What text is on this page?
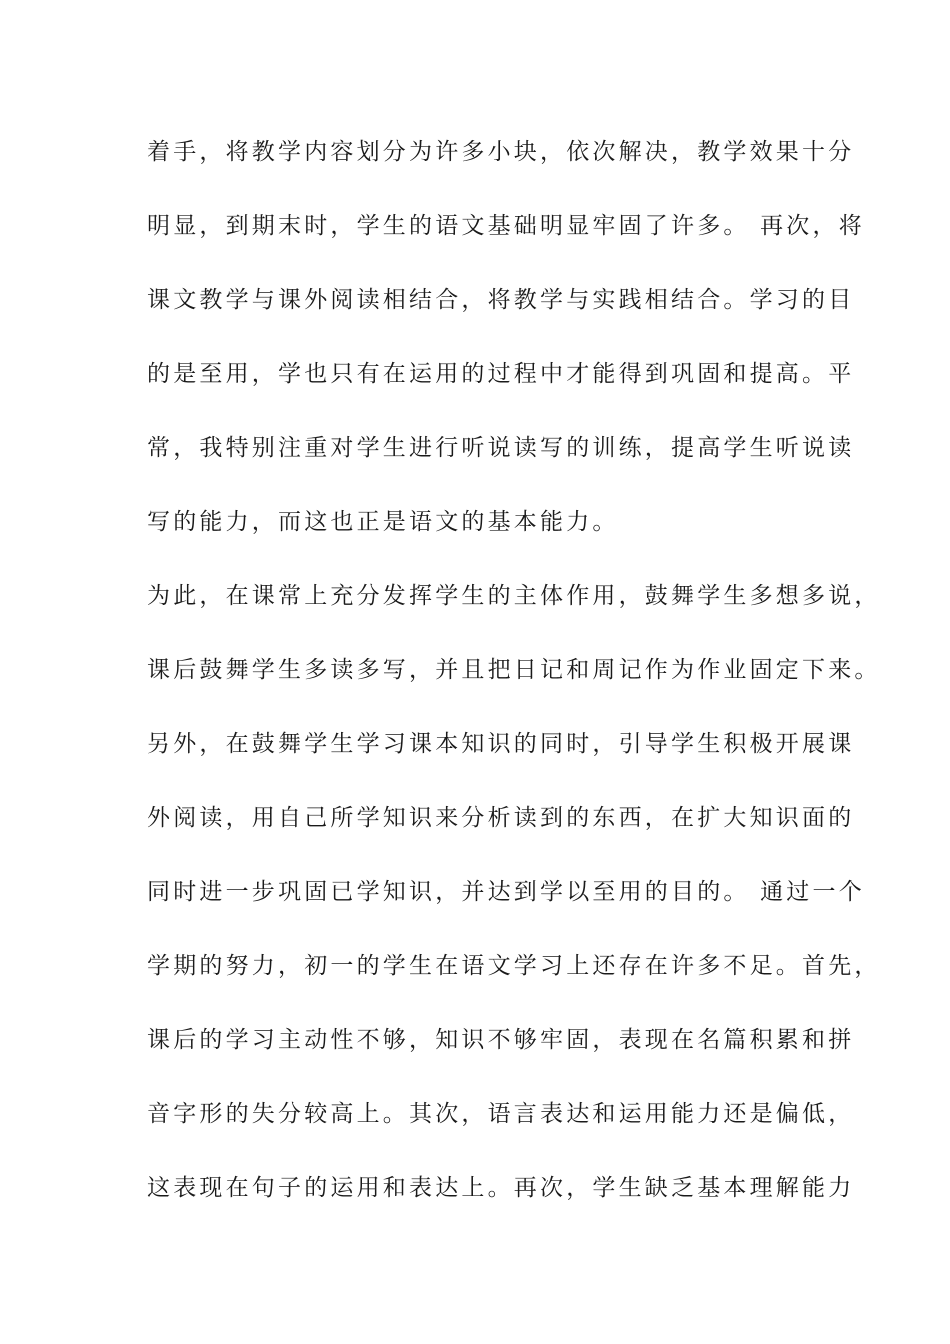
着手，将教学内容划分为许多小块，依次解决，教学效果十分
明显，到期末时，学生的语文基础明显牢固了许多。 再次，将
课文教学与课外阅读相结合，将教学与实践相结合。学习的目
的是至用，学也只有在运用的过程中才能得到巩固和提高。平
常，我特别注重对学生进行听说读写的训练，提高学生听说读
写的能力，而这也正是语文的基本能力。
为此，在课常上充分发挥学生的主体作用，鼓舞学生多想多说，
课后鼓舞学生多读多写，并且把日记和周记作为作业固定下来。
另外，在鼓舞学生学习课本知识的同时，引导学生积极开展课
外阅读，用自己所学知识来分析读到的东西，在扩大知识面的
同时进一步巩固已学知识，并达到学以至用的目的。 通过一个
学期的努力，初一的学生在语文学习上还存在许多不足。首先，
课后的学习主动性不够，知识不够牢固，表现在名篇积累和拼
音字形的失分较高上。其次，语言表达和运用能力还是偏低，
这表现在句子的运用和表达上。再次，学生缺乏基本理解能力
